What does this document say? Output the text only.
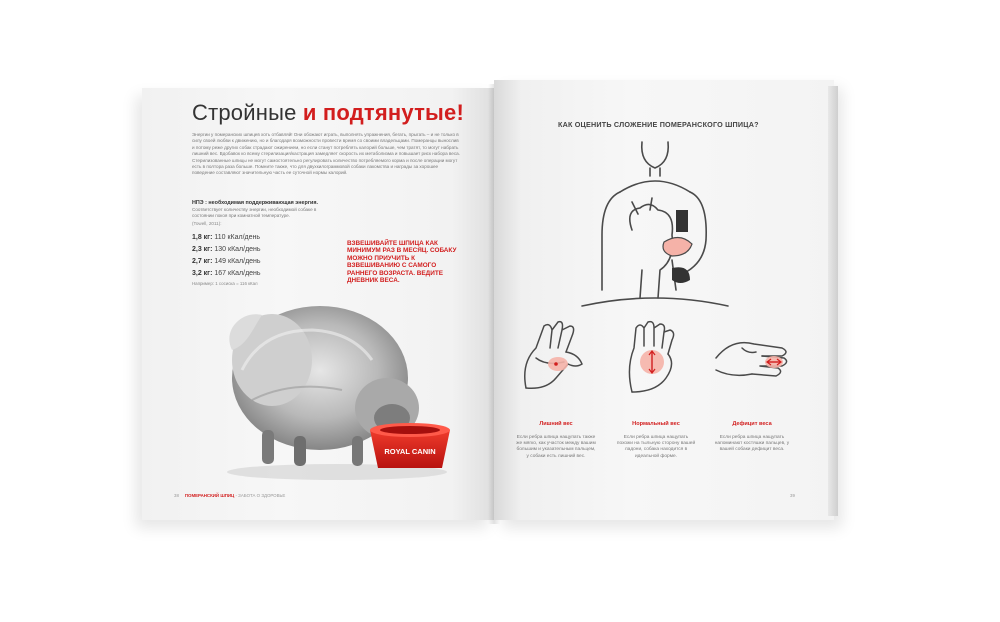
Стройные и подтянутые!

Энергии у померанских шпицев хоть отбавляй! Они обожают играть, выполнять упражнения, бегать, прыгать – и не только в силу своей любви к движению, но и благодаря возможности провести время со своими владельцами. Померанцы вынослив и потому реже других собак страдают ожирением, но если станут потреблять калорий больше, чем тратят, то могут набрать лишний вес. Вдобавок ко всему стерилизация/кастрация замедляет скорость их метаболизма и повышает риск набора веса. Стерилизованные шпицы не могут самостоятельно регулировать количество потребляемого корма и после операции могут есть в полтора раза больше. Помните также, что для двухкилограммовой собаки лакомства и награды за хорошее поведение составляют значительную часть ее суточной нормы калорий.

НПЭ : необходимая поддерживающая энергия.

Соответствует количеству энергии, необходимой собаке в состоянии покоя при комнатной температуре.

(Towell, 2011):

1,8 кг: 110 кКал/день
2,3 кг: 130 кКал/день
2,7 кг: 149 кКал/день
3,2 кг: 167 кКал/день

Например: 1 сосиска = 116 кКал

ВЗВЕШИВАЙТЕ ШПИЦА КАК МИНИМУМ РАЗ В МЕСЯЦ. СОБАКУ МОЖНО ПРИУЧИТЬ К ВЗВЕШИВАНИЮ С САМОГО РАННЕГО ВОЗРАСТА. ВЕДИТЕ ДНЕВНИК ВЕСА.

ROYAL CANIN

38 ПОМЕРАНСКИЙ ШПИЦ - ЗАБОТА О ЗДОРОВЬЕ

КАК ОЦЕНИТЬ СЛОЖЕНИЕ ПОМЕРАНСКОГО ШПИЦА?

Лишний вес	Нормальный вес	Дефицит веса

Если ребра шпица нащупать также же мягко, как участок между вашим большим и указательным пальцем, у собаки есть лишний вес.

Если ребра шпица нащупать похожи на тыльную сторону вашей ладони, собака находится в идеальной форме.

Если ребра шпица нащупать напоминают костяшки пальцев, у вашей собаки дефицит веса.

39
